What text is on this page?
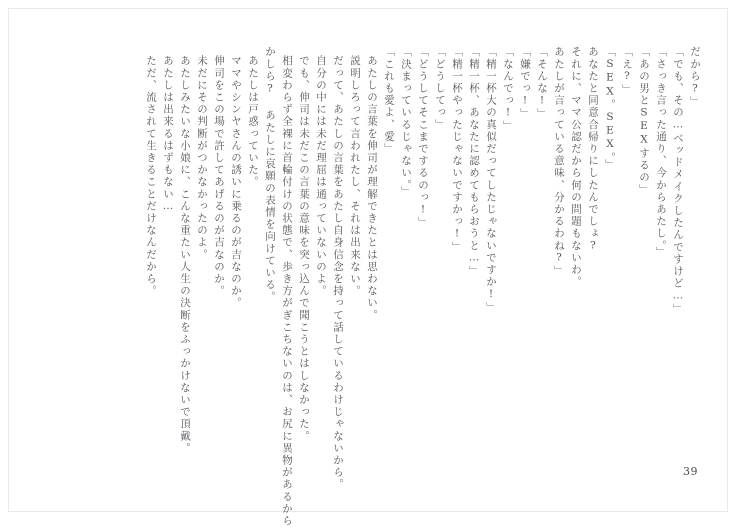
だから?」
「でも、その…ベッドメイクしたんですけど…」
「さっき言った通り、今からあたし。」
「あの男とSEXするの」
「え?」
「SEX。SEX。」
あなたと同意合帰りにしたんでしょ?
それに、ママ公認だから何の問題もないわ。
あたしが言っている意味、分かるわね?」
「そんな!」
「嫌でっ!」
「なんでっ!」
「精一杯大の真似だってしたじゃないですか!」
「精一杯、あなたに認めてもらおうと…」
「精一杯やったじゃないですかっ!」
「どうしてっ」
「どうしてそこまでするのっ!」
「決まっているじゃない。」
「これも愛よ、愛」
あたしの言葉を伸司が理解できたとは思わない。
説明しろって言われたし、それは出来ない。
だって、あたしの言葉をあたし自身信念を持って話しているわけじゃないから。
自分の中には未だ理屈は通っていないのよ。
でも、伸司は未だこの言葉の意味を突っ込んで聞こうとはしなかった。
相変わらず全裸に首輪付けの状態で、歩き方がぎこちないのは、お尻に異物があるから
かしら? あたしに哀願の表情を向けている。
あたしは戸惑っていた。
ママやシンヤさんの誘いに乗るのが吉なのか。
伸司をこの場で許してあげるのが吉なのか。
未だにその判断がつかなかったのよ。
あたしみたいな小娘に、こんな重たい人生の決断をふっかけないで頂戴。
あたしは出来るはずもない…
ただ、流されて生きることだけなんだから。
39
